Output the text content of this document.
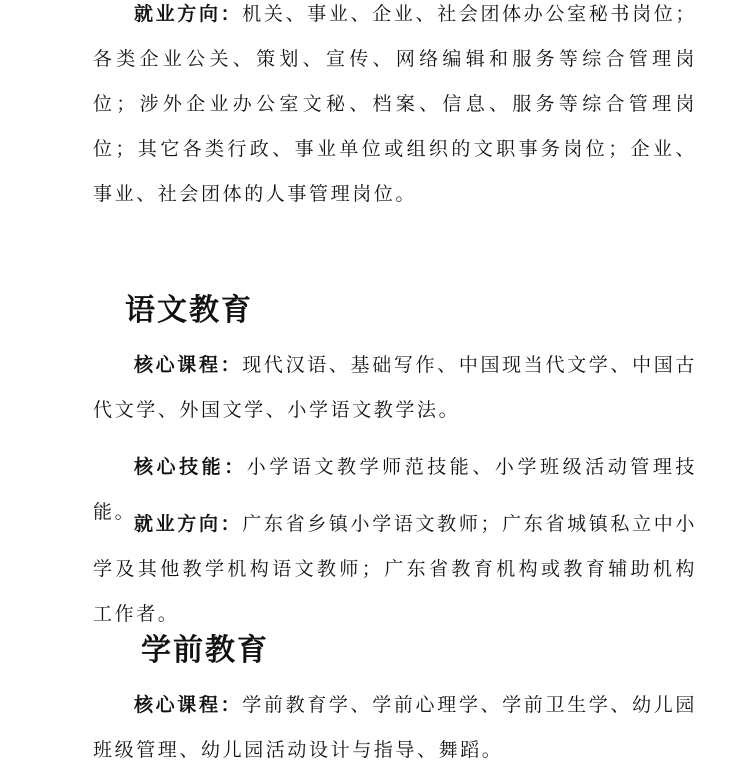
就业方向：机关、事业、企业、社会团体办公室秘书岗位；各类企业公关、策划、宣传、网络编辑和服务等综合管理岗位；涉外企业办公室文秘、档案、信息、服务等综合管理岗位；其它各类行政、事业单位或组织的文职事务岗位；企业、事业、社会团体的人事管理岗位。

语文教育

核心课程：现代汉语、基础写作、中国现当代文学、中国古代文学、外国文学、小学语文教学法。

核心技能：小学语文教学师范技能、小学班级活动管理技能。

就业方向：广东省乡镇小学语文教师；广东省城镇私立中小学及其他教学机构语文教师；广东省教育机构或教育辅助机构工作者。

学前教育

核心课程：学前教育学、学前心理学、学前卫生学、幼儿园班级管理、幼儿园活动设计与指导、舞蹈。
